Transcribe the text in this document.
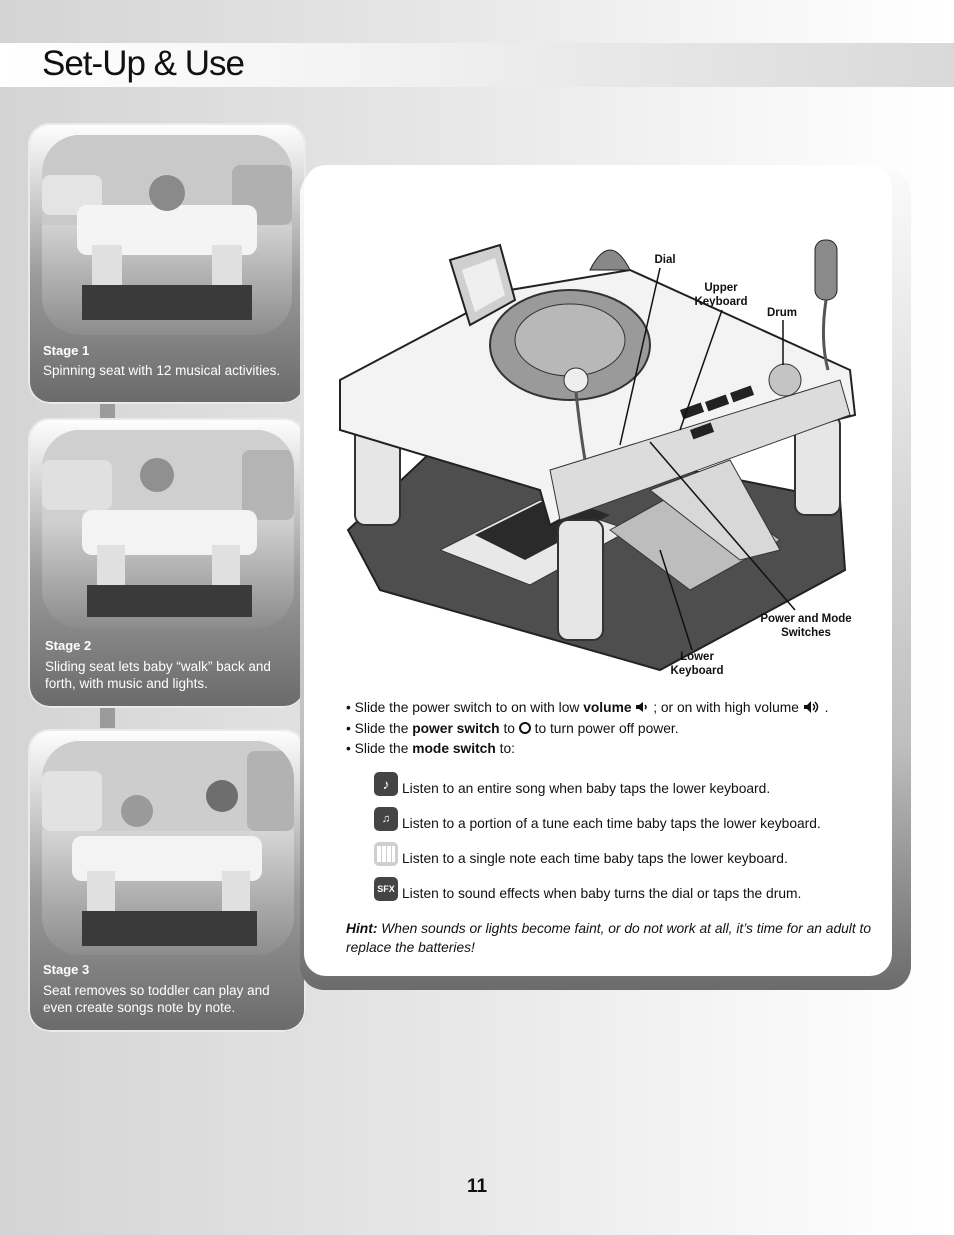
Set-Up & Use
Stage 1
Spinning seat with 12 musical activities.
Stage 2
Sliding seat lets baby “walk” back and forth, with music and lights.
Stage 3
Seat removes so toddler can play and even create songs note by note.
Dial
Upper Keyboard
Drum
Power and Mode Switches
Lower Keyboard
• Slide the power switch to on with low volume  ; or on with high volume  .
• Slide the power switch to  to turn power off power.
• Slide the mode switch to:
♪ Listen to an entire song when baby taps the lower keyboard.
♫ Listen to a portion of a tune each time baby taps the lower keyboard.
Listen to a single note each time baby taps the lower keyboard.
SFX Listen to sound effects when baby turns the dial or taps the drum.
Hint: When sounds or lights become faint, or do not work at all, it’s time for an adult to replace the batteries!
11
